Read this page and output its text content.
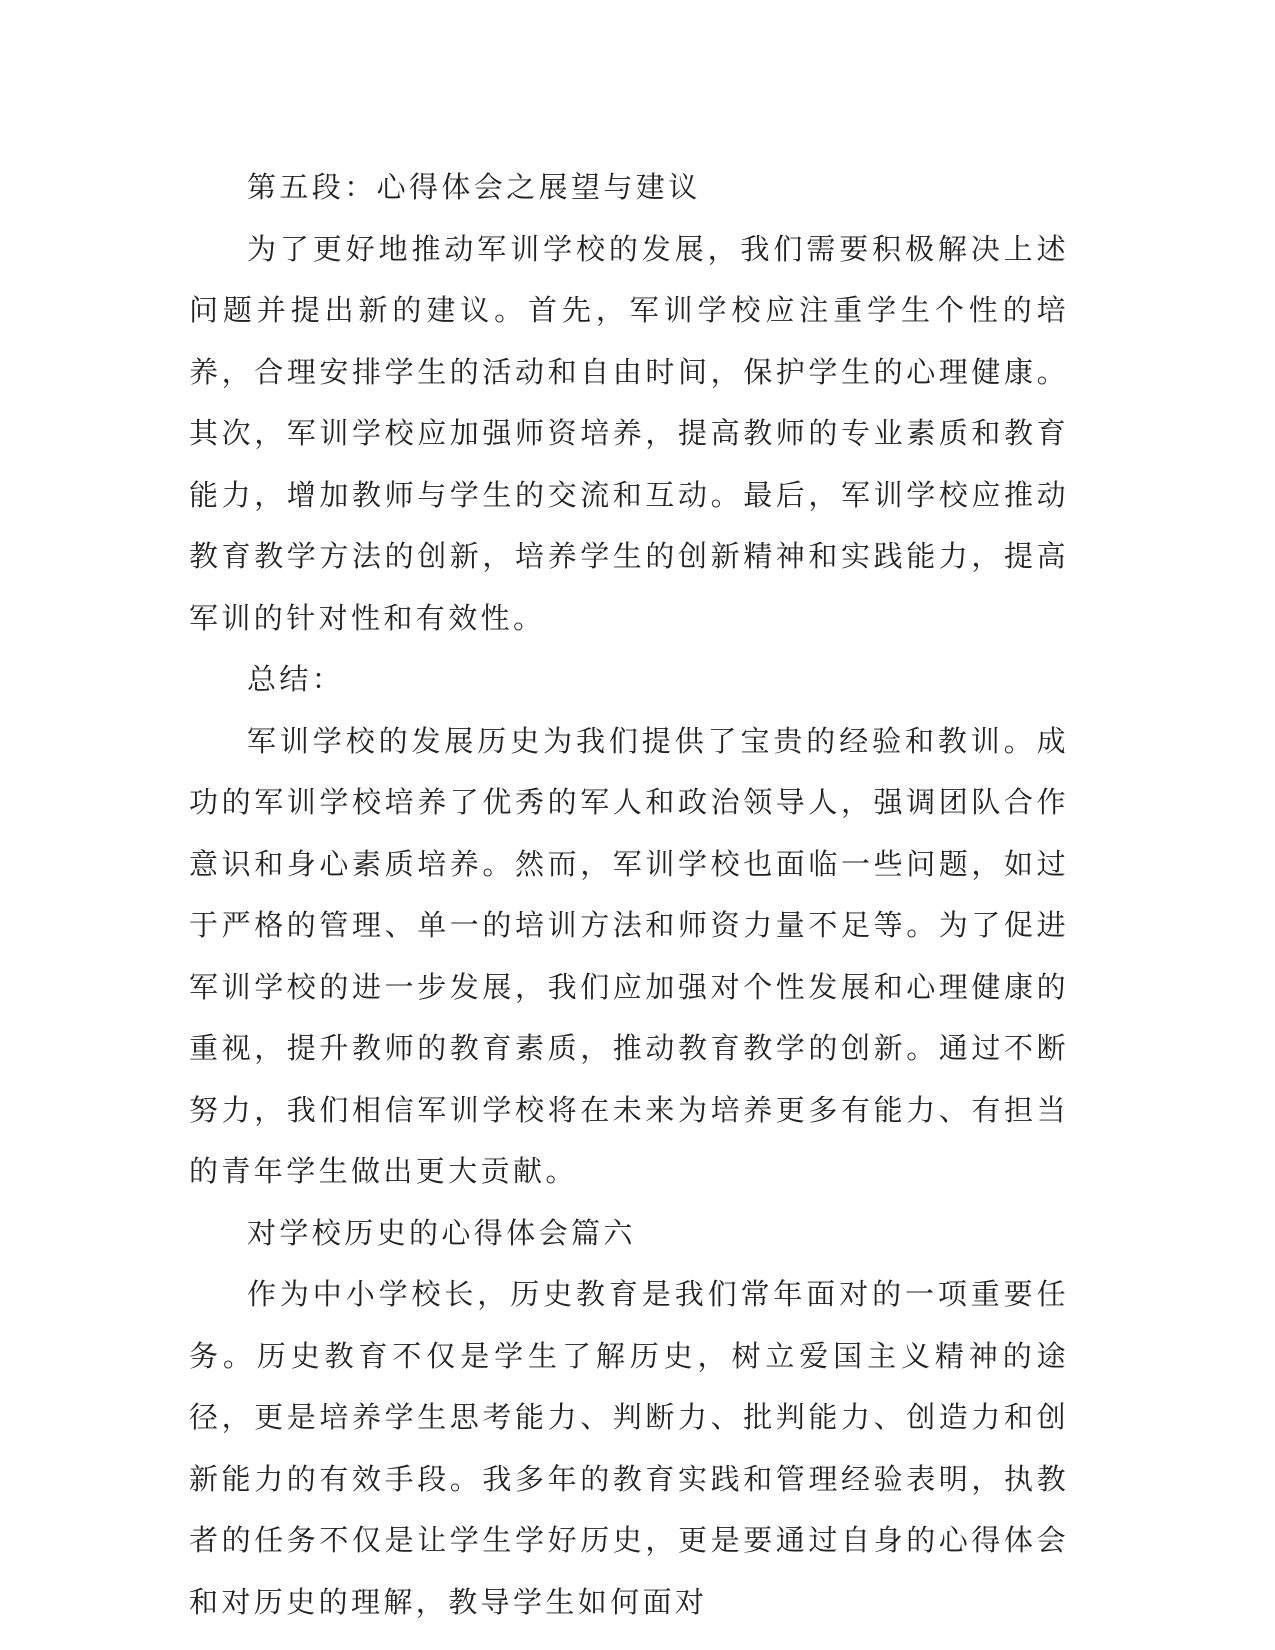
第五段：心得体会之展望与建议

为了更好地推动军训学校的发展，我们需要积极解决上述问题并提出新的建议。首先，军训学校应注重学生个性的培养，合理安排学生的活动和自由时间，保护学生的心理健康。其次，军训学校应加强师资培养，提高教师的专业素质和教育能力，增加教师与学生的交流和互动。最后，军训学校应推动教育教学方法的创新，培养学生的创新精神和实践能力，提高军训的针对性和有效性。

总结：

军训学校的发展历史为我们提供了宝贵的经验和教训。成功的军训学校培养了优秀的军人和政治领导人，强调团队合作意识和身心素质培养。然而，军训学校也面临一些问题，如过于严格的管理、单一的培训方法和师资力量不足等。为了促进军训学校的进一步发展，我们应加强对个性发展和心理健康的重视，提升教师的教育素质，推动教育教学的创新。通过不断努力，我们相信军训学校将在未来为培养更多有能力、有担当的青年学生做出更大贡献。

对学校历史的心得体会篇六

作为中小学校长，历史教育是我们常年面对的一项重要任务。历史教育不仅是学生了解历史，树立爱国主义精神的途径，更是培养学生思考能力、判断力、批判能力、创造力和创新能力的有效手段。我多年的教育实践和管理经验表明，执教者的任务不仅是让学生学好历史，更是要通过自身的心得体会和对历史的理解，教导学生如何面对
